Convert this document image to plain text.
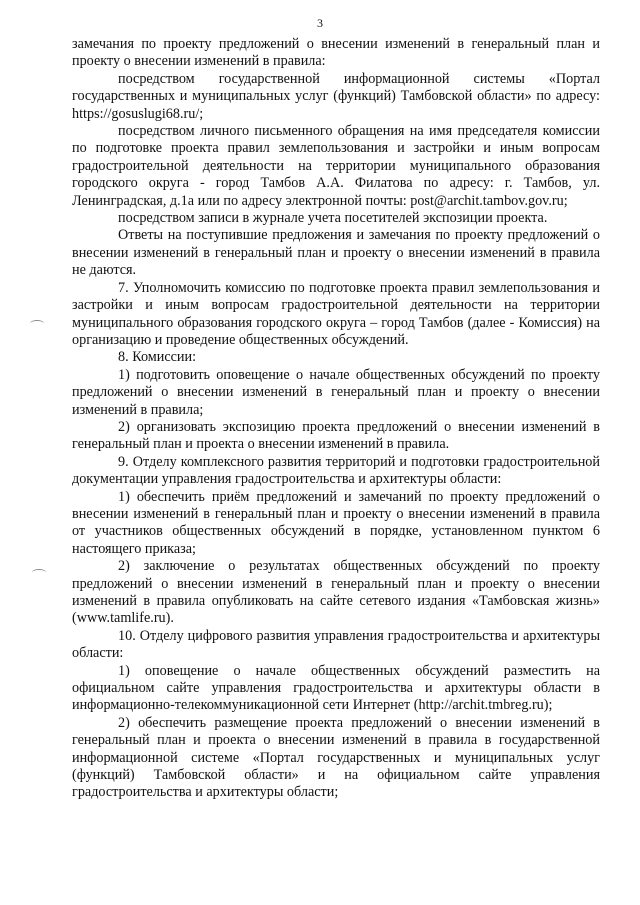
3

замечания по проекту предложений о внесении изменений в генеральный план и проекту о внесении изменений в правила:

посредством государственной информационной системы «Портал государственных и муниципальных услуг (функций) Тамбовской области» по адресу: https://gosuslugi68.ru/;

посредством личного письменного обращения на имя председателя комиссии по подготовке проекта правил землепользования и застройки и иным вопросам градостроительной деятельности на территории муниципального образования городского округа - город Тамбов А.А. Филатова по адресу: г. Тамбов, ул. Ленинградская, д.1а или по адресу электронной почты: post@archit.tambov.gov.ru;

посредством записи в журнале учета посетителей экспозиции проекта.

Ответы на поступившие предложения и замечания по проекту предложений о внесении изменений в генеральный план и проекту о внесении изменений в правила не даются.

7. Уполномочить комиссию по подготовке проекта правил землепользования и застройки и иным вопросам градостроительной деятельности на территории муниципального образования городского округа – город Тамбов (далее - Комиссия) на организацию и проведение общественных обсуждений.

8. Комиссии:

1) подготовить оповещение о начале общественных обсуждений по проекту предложений о внесении изменений в генеральный план и проекту о внесении изменений в правила;

2) организовать экспозицию проекта предложений о внесении изменений в генеральный план и проекта о внесении изменений в правила.

9. Отделу комплексного развития территорий и подготовки градостроительной документации управления градостроительства и архитектуры области:

1) обеспечить приём предложений и замечаний по проекту предложений о внесении изменений в генеральный план и проекту о внесении изменений в правила от участников общественных обсуждений в порядке, установленном пунктом 6 настоящего приказа;

2) заключение о результатах общественных обсуждений по проекту предложений о внесении изменений в генеральный план и проекту о внесении изменений в правила опубликовать на сайте сетевого издания «Тамбовская жизнь» (www.tamlife.ru).

10. Отделу цифрового развития управления градостроительства и архитектуры области:

1) оповещение о начале общественных обсуждений разместить на официальном сайте управления градостроительства и архитектуры области в информационно-телекоммуникационной сети Интернет (http://archit.tmbreg.ru);

2) обеспечить размещение проекта предложений о внесении изменений в генеральный план и проекта о внесении изменений в правила в государственной информационной системе «Портал государственных и муниципальных услуг (функций) Тамбовской области» и на официальном сайте управления градостроительства и архитектуры области;
